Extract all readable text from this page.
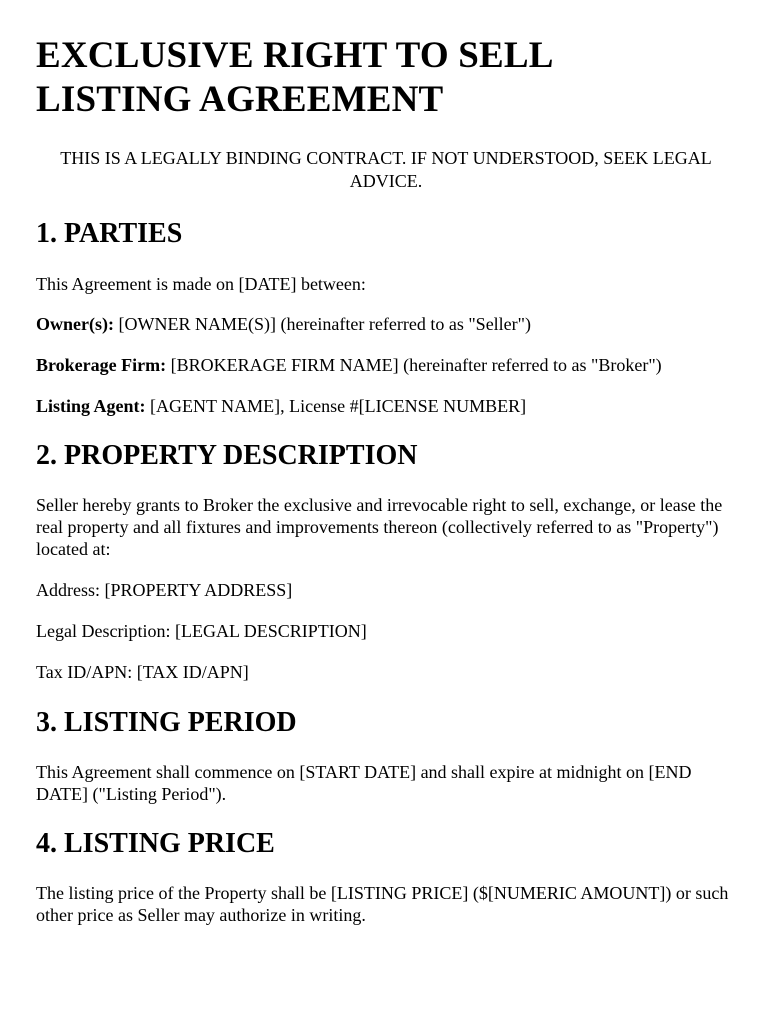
EXCLUSIVE RIGHT TO SELL
LISTING AGREEMENT

THIS IS A LEGALLY BINDING CONTRACT. IF NOT UNDERSTOOD, SEEK LEGAL ADVICE.

1. PARTIES

This Agreement is made on [DATE] between:

Owner(s): [OWNER NAME(S)] (hereinafter referred to as "Seller")

Brokerage Firm: [BROKERAGE FIRM NAME] (hereinafter referred to as "Broker")

Listing Agent: [AGENT NAME], License #[LICENSE NUMBER]

2. PROPERTY DESCRIPTION

Seller hereby grants to Broker the exclusive and irrevocable right to sell, exchange, or lease the real property and all fixtures and improvements thereon (collectively referred to as "Property") located at:

Address: [PROPERTY ADDRESS]

Legal Description: [LEGAL DESCRIPTION]

Tax ID/APN: [TAX ID/APN]

3. LISTING PERIOD

This Agreement shall commence on [START DATE] and shall expire at midnight on [END DATE] ("Listing Period").

4. LISTING PRICE

The listing price of the Property shall be [LISTING PRICE] ($[NUMERIC AMOUNT]) or such other price as Seller may authorize in writing.
